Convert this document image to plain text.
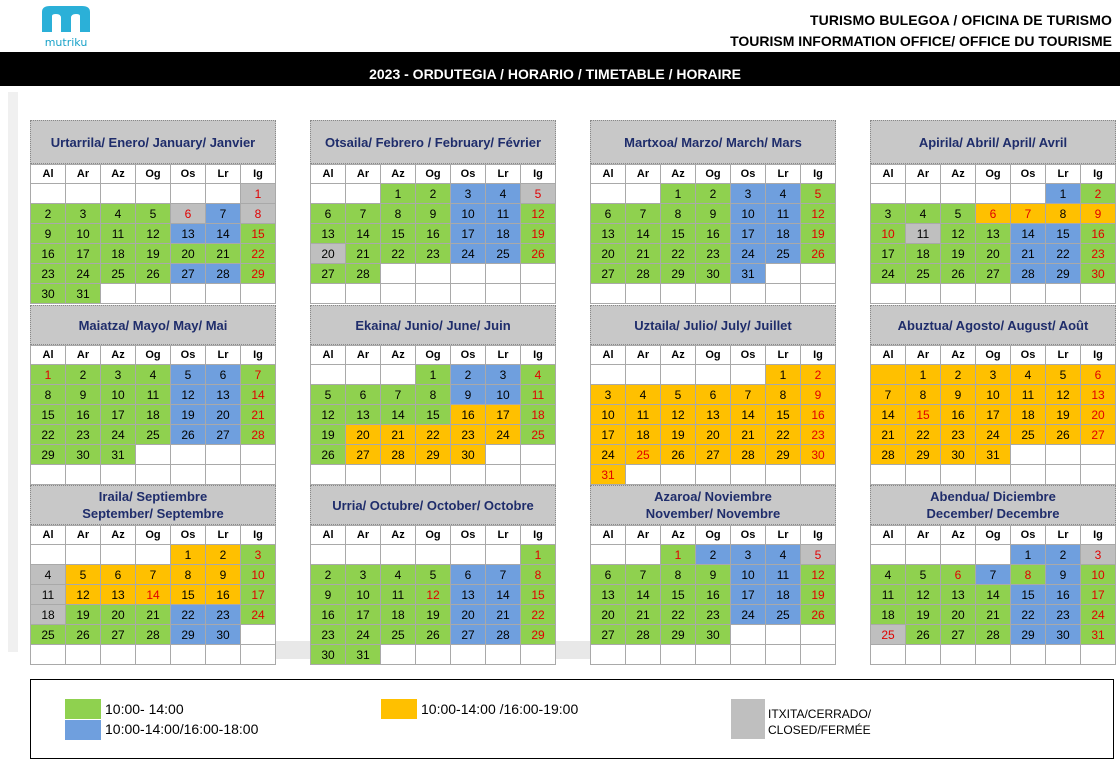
mutriku
TURISMO BULEGOA / OFICINA DE TURISMO
TOURISM INFORMATION OFFICE/ OFFICE DU TOURISME
2023 - ORDUTEGIA / HORARIO / TIMETABLE / HORAIRE
Urtarrila/ Enero/ January/ Janvier
Al	Ar	Az	Og	Os	Lr	Ig
						1
2	3	4	5	6	7	8
9	10	11	12	13	14	15
16	17	18	19	20	21	22
23	24	25	26	27	28	29
30	31					
Otsaila/ Febrero / February/ Février
Al	Ar	Az	Og	Os	Lr	Ig
		1	2	3	4	5
6	7	8	9	10	11	12
13	14	15	16	17	18	19
20	21	22	23	24	25	26
27	28					

Martxoa/ Marzo/ March/ Mars
Al	Ar	Az	Og	Os	Lr	Ig
		1	2	3	4	5
6	7	8	9	10	11	12
13	14	15	16	17	18	19
20	21	22	23	24	25	26
27	28	29	30	31		

Apirila/ Abril/ April/ Avril
Al	Ar	Az	Og	Os	Lr	Ig
					1	2
3	4	5	6	7	8	9
10	11	12	13	14	15	16
17	18	19	20	21	22	23
24	25	26	27	28	29	30

Maiatza/ Mayo/ May/ Mai
Al	Ar	Az	Og	Os	Lr	Ig
1	2	3	4	5	6	7
8	9	10	11	12	13	14
15	16	17	18	19	20	21
22	23	24	25	26	27	28
29	30	31				

Ekaina/ Junio/ June/ Juin
Al	Ar	Az	Og	Os	Lr	Ig
			1	2	3	4
5	6	7	8	9	10	11
12	13	14	15	16	17	18
19	20	21	22	23	24	25
26	27	28	29	30		

Uztaila/ Julio/ July/ Juillet
Al	Ar	Az	Og	Os	Lr	Ig
					1	2
3	4	5	6	7	8	9
10	11	12	13	14	15	16
17	18	19	20	21	22	23
24	25	26	27	28	29	30
31						
Abuztua/ Agosto/ August/ Août
Al	Ar	Az	Og	Os	Lr	Ig
	1	2	3	4	5	6
7	8	9	10	11	12	13
14	15	16	17	18	19	20
21	22	23	24	25	26	27
28	29	30	31			

Iraila/ Septiembre
September/ Septembre
Al	Ar	Az	Og	Os	Lr	Ig
				1	2	3
4	5	6	7	8	9	10
11	12	13	14	15	16	17
18	19	20	21	22	23	24
25	26	27	28	29	30	

Urria/ Octubre/ October/ Octobre
Al	Ar	Az	Og	Os	Lr	Ig
						1
2	3	4	5	6	7	8
9	10	11	12	13	14	15
16	17	18	19	20	21	22
23	24	25	26	27	28	29
30	31					
Azaroa/ Noviembre
November/ Novembre
Al	Ar	Az	Og	Os	Lr	Ig
		1	2	3	4	5
6	7	8	9	10	11	12
13	14	15	16	17	18	19
20	21	22	23	24	25	26
27	28	29	30			

Abendua/ Diciembre
December/ Decembre
Al	Ar	Az	Og	Os	Lr	Ig
				1	2	3
4	5	6	7	8	9	10
11	12	13	14	15	16	17
18	19	20	21	22	23	24
25	26	27	28	29	30	31

10:00- 14:00
10:00-14:00/16:00-18:00
10:00-14:00 /16:00-19:00	ITXITA/CERRADO/
CLOSED/FERMÉE
